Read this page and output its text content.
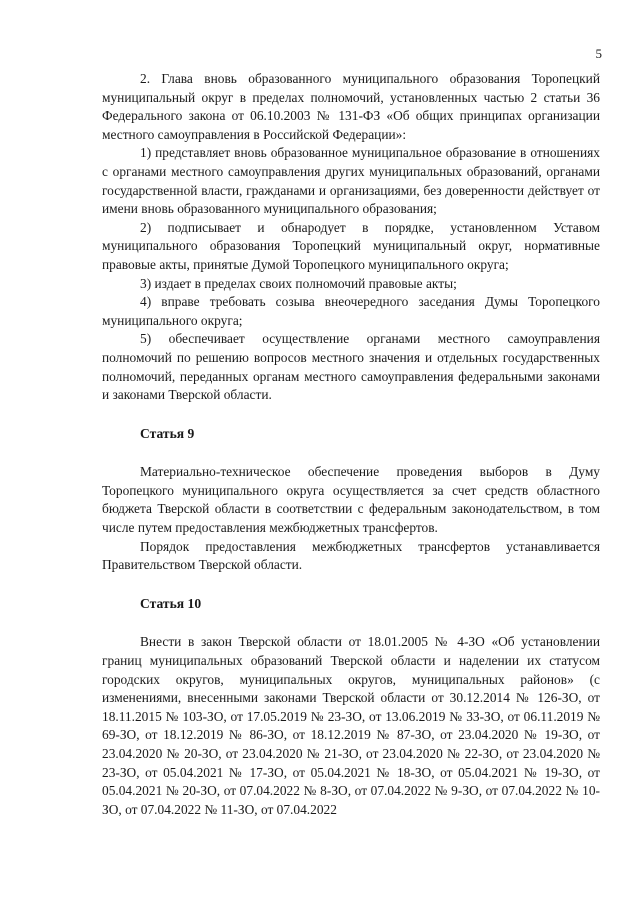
5

2. Глава вновь образованного муниципального образования Торопецкий муниципальный округ в пределах полномочий, установленных частью 2 статьи 36 Федерального закона от 06.10.2003 № 131-ФЗ «Об общих принципах организации местного самоуправления в Российской Федерации»:

1) представляет вновь образованное муниципальное образование в отношениях с органами местного самоуправления других муниципальных образований, органами государственной власти, гражданами и организациями, без доверенности действует от имени вновь образованного муниципального образования;

2) подписывает и обнародует в порядке, установленном Уставом муниципального образования Торопецкий муниципальный округ, нормативные правовые акты, принятые Думой Торопецкого муниципального округа;

3) издает в пределах своих полномочий правовые акты;

4) вправе требовать созыва внеочередного заседания Думы Торопецкого муниципального округа;

5) обеспечивает осуществление органами местного самоуправления полномочий по решению вопросов местного значения и отдельных государственных полномочий, переданных органам местного самоуправления федеральными законами и законами Тверской области.

Статья 9

Материально-техническое обеспечение проведения выборов в Думу Торопецкого муниципального округа осуществляется за счет средств областного бюджета Тверской области в соответствии с федеральным законодательством, в том числе путем предоставления межбюджетных трансфертов.

Порядок предоставления межбюджетных трансфертов устанавливается Правительством Тверской области.

Статья 10

Внести в закон Тверской области от 18.01.2005 № 4-ЗО «Об установлении границ муниципальных образований Тверской области и наделении их статусом городских округов, муниципальных округов, муниципальных районов» (с изменениями, внесенными законами Тверской области от 30.12.2014 № 126-ЗО, от 18.11.2015 № 103-ЗО, от 17.05.2019 № 23-ЗО, от 13.06.2019 № 33-ЗО, от 06.11.2019 № 69-ЗО, от 18.12.2019 № 86-ЗО, от 18.12.2019 № 87-ЗО, от 23.04.2020 № 19-ЗО, от 23.04.2020 № 20-ЗО, от 23.04.2020 № 21-ЗО, от 23.04.2020 № 22-ЗО, от 23.04.2020 № 23-ЗО, от 05.04.2021 № 17-ЗО, от 05.04.2021 № 18-ЗО, от 05.04.2021 № 19-ЗО, от 05.04.2021 № 20-ЗО, от 07.04.2022 № 8-ЗО, от 07.04.2022 № 9-ЗО, от 07.04.2022 № 10-ЗО, от 07.04.2022 № 11-ЗО, от 07.04.2022
